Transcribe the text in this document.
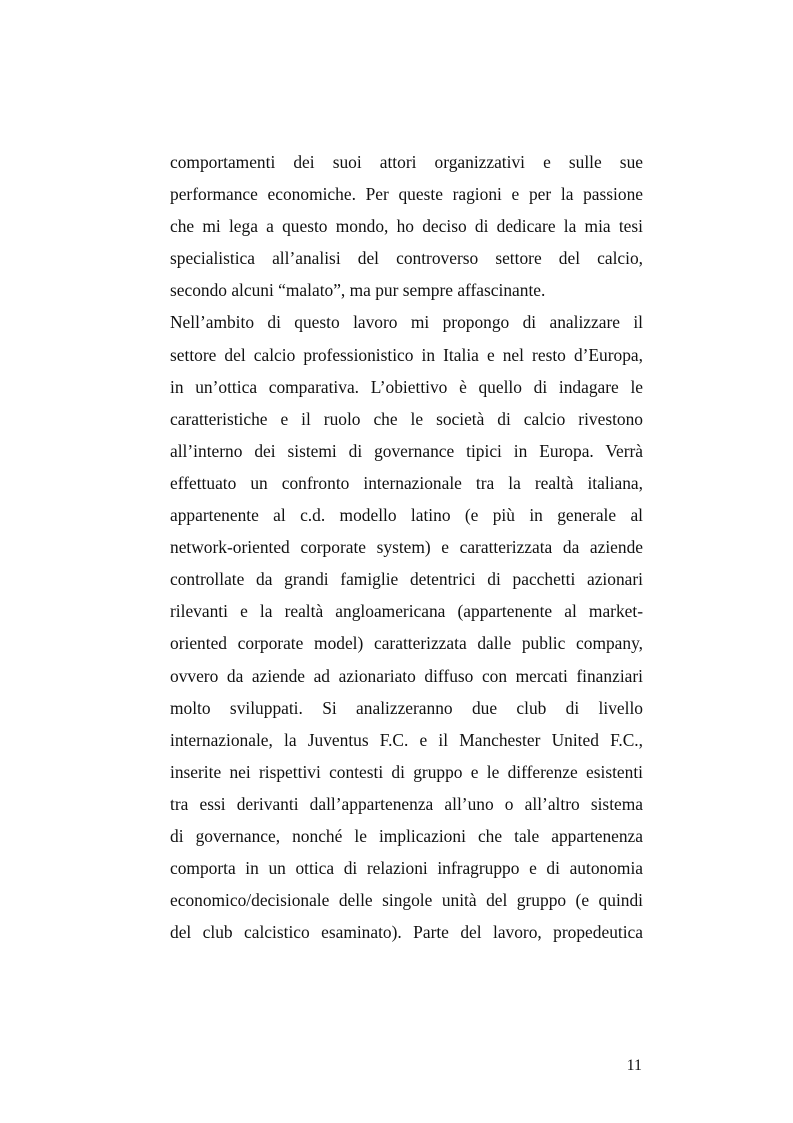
comportamenti dei suoi attori organizzativi e sulle sue
performance economiche. Per queste ragioni e per la passione
che mi lega a questo mondo, ho deciso di dedicare la mia tesi
specialistica all’analisi del controverso settore del calcio,
secondo alcuni “malato”, ma pur sempre affascinante.
Nell’ambito di questo lavoro mi propongo di analizzare il
settore del calcio professionistico in Italia e nel resto d’Europa,
in un’ottica comparativa. L’obiettivo è quello di indagare le
caratteristiche e il ruolo che le società di calcio rivestono
all’interno dei sistemi di governance tipici in Europa. Verrà
effettuato un confronto internazionale tra la realtà italiana,
appartenente al c.d. modello latino (e più in generale al
network-oriented corporate system) e caratterizzata da aziende
controllate da grandi famiglie detentrici di pacchetti azionari
rilevanti e la realtà angloamericana (appartenente al market-
oriented corporate model) caratterizzata dalle public company,
ovvero da aziende ad azionariato diffuso con mercati finanziari
molto sviluppati. Si analizzeranno due club di livello
internazionale, la Juventus F.C. e il Manchester United F.C.,
inserite nei rispettivi contesti di gruppo e le differenze esistenti
tra essi derivanti dall’appartenenza all’uno o all’altro sistema
di governance, nonché le implicazioni che tale appartenenza
comporta in un ottica di relazioni infragruppo e di autonomia
economico/decisionale delle singole unità del gruppo (e quindi
del club calcistico esaminato). Parte del lavoro, propedeutica
11
